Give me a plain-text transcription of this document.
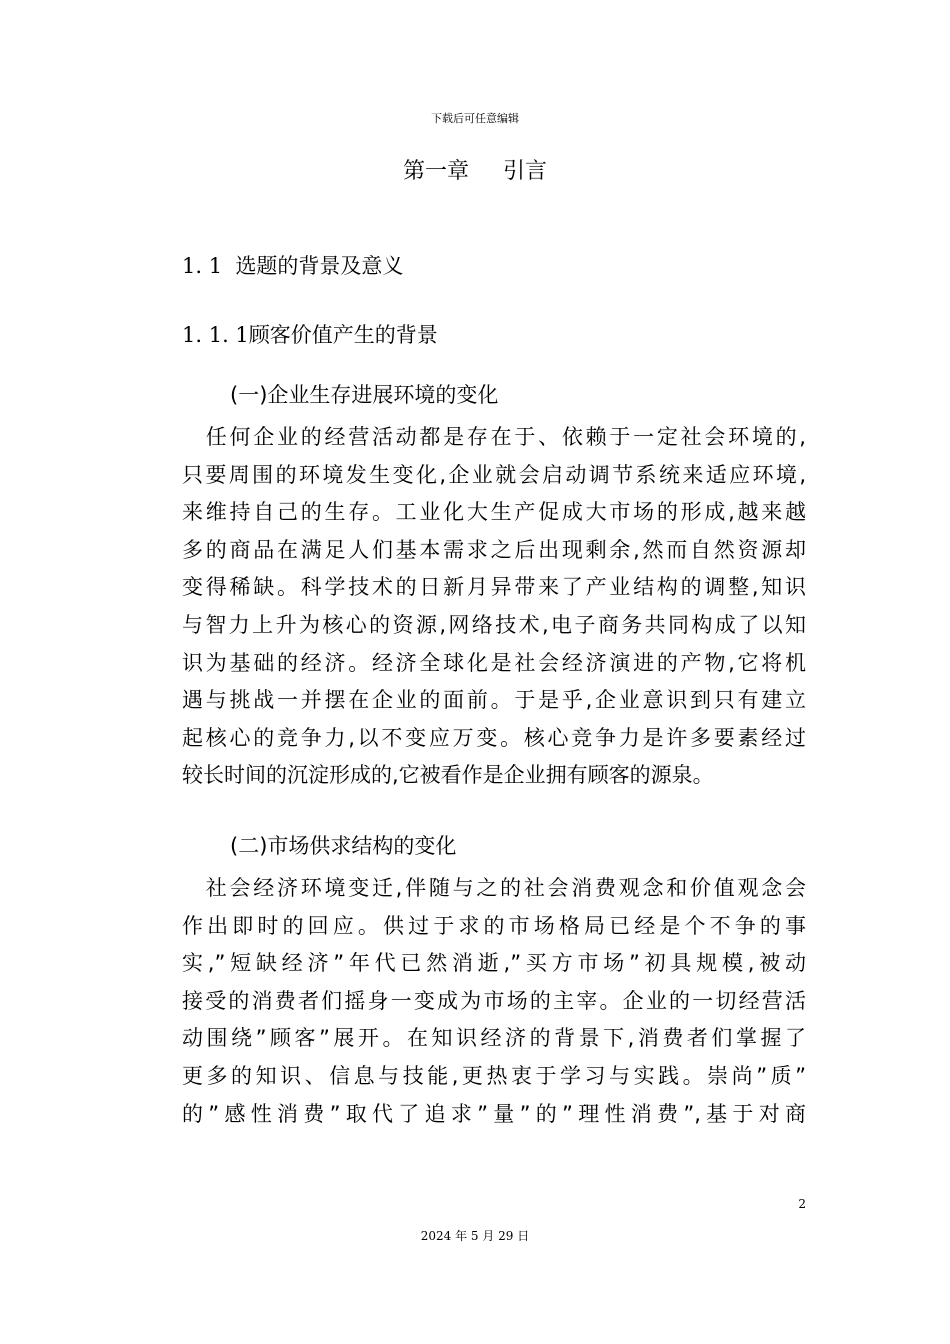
下载后可任意编辑
第一章 引言
1. 1 选题的背景及意义
1. 1. 1顾客价值产生的背景
(一)企业生存进展环境的变化
　任何企业的经营活动都是存在于、依赖于一定社会环境的,
只要周围的环境发生变化,企业就会启动调节系统来适应环境,
来维持自己的生存。工业化大生产促成大市场的形成,越来越
多的商品在满足人们基本需求之后出现剩余,然而自然资源却
变得稀缺。科学技术的日新月异带来了产业结构的调整,知识
与智力上升为核心的资源,网络技术,电子商务共同构成了以知
识为基础的经济。经济全球化是社会经济演进的产物,它将机
遇与挑战一并摆在企业的面前。于是乎,企业意识到只有建立
起核心的竞争力,以不变应万变。核心竞争力是许多要素经过
较长时间的沉淀形成的,它被看作是企业拥有顾客的源泉。
(二)市场供求结构的变化
　社会经济环境变迁,伴随与之的社会消费观念和价值观念会
作出即时的回应。供过于求的市场格局已经是个不争的事
实,”短缺经济”年代已然消逝,”买方市场”初具规模,被动
接受的消费者们摇身一变成为市场的主宰。企业的一切经营活
动围绕”顾客”展开。在知识经济的背景下,消费者们掌握了
更多的知识、信息与技能,更热衷于学习与实践。崇尚”质”
的”感性消费”取代了追求”量”的”理性消费”,基于对商
2
2024 年 5 月 29 日
